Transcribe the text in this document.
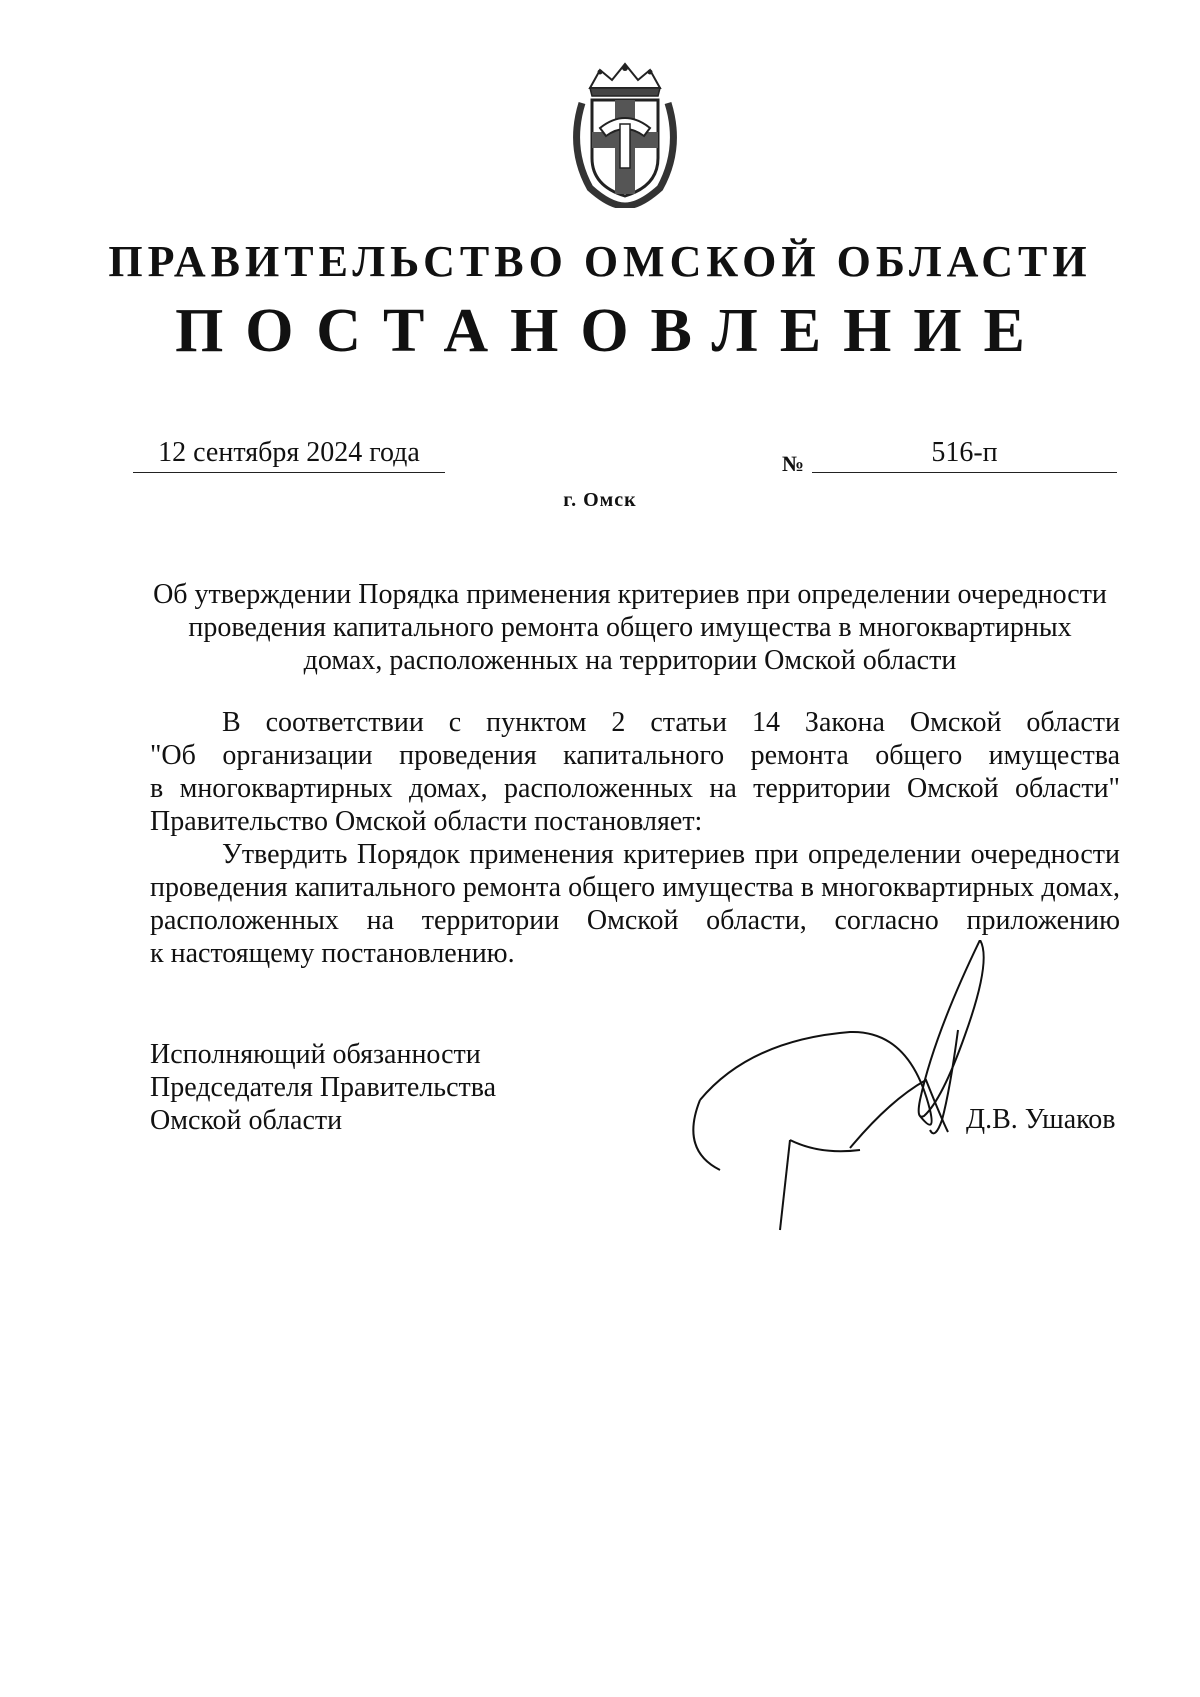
ПРАВИТЕЛЬСТВО ОМСКОЙ ОБЛАСТИ
ПОСТАНОВЛЕНИЕ
12 сентября 2024 года	№	516-п
г. Омск
Об утверждении Порядка применения критериев при определении очередности
проведения капитального ремонта общего имущества в многоквартирных
домах, расположенных на территории Омской области
В соответствии с пунктом 2 статьи 14 Закона Омской области
"Об организации проведения капитального ремонта общего имущества
в многоквартирных домах, расположенных на территории Омской области"
Правительство Омской области постановляет:
Утвердить Порядок применения критериев при определении очередности
проведения капитального ремонта общего имущества в многоквартирных домах,
расположенных на территории Омской области, согласно приложению
к настоящему постановлению.
Исполняющий обязанности
Председателя Правительства
Омской области	Д.В. Ушаков
